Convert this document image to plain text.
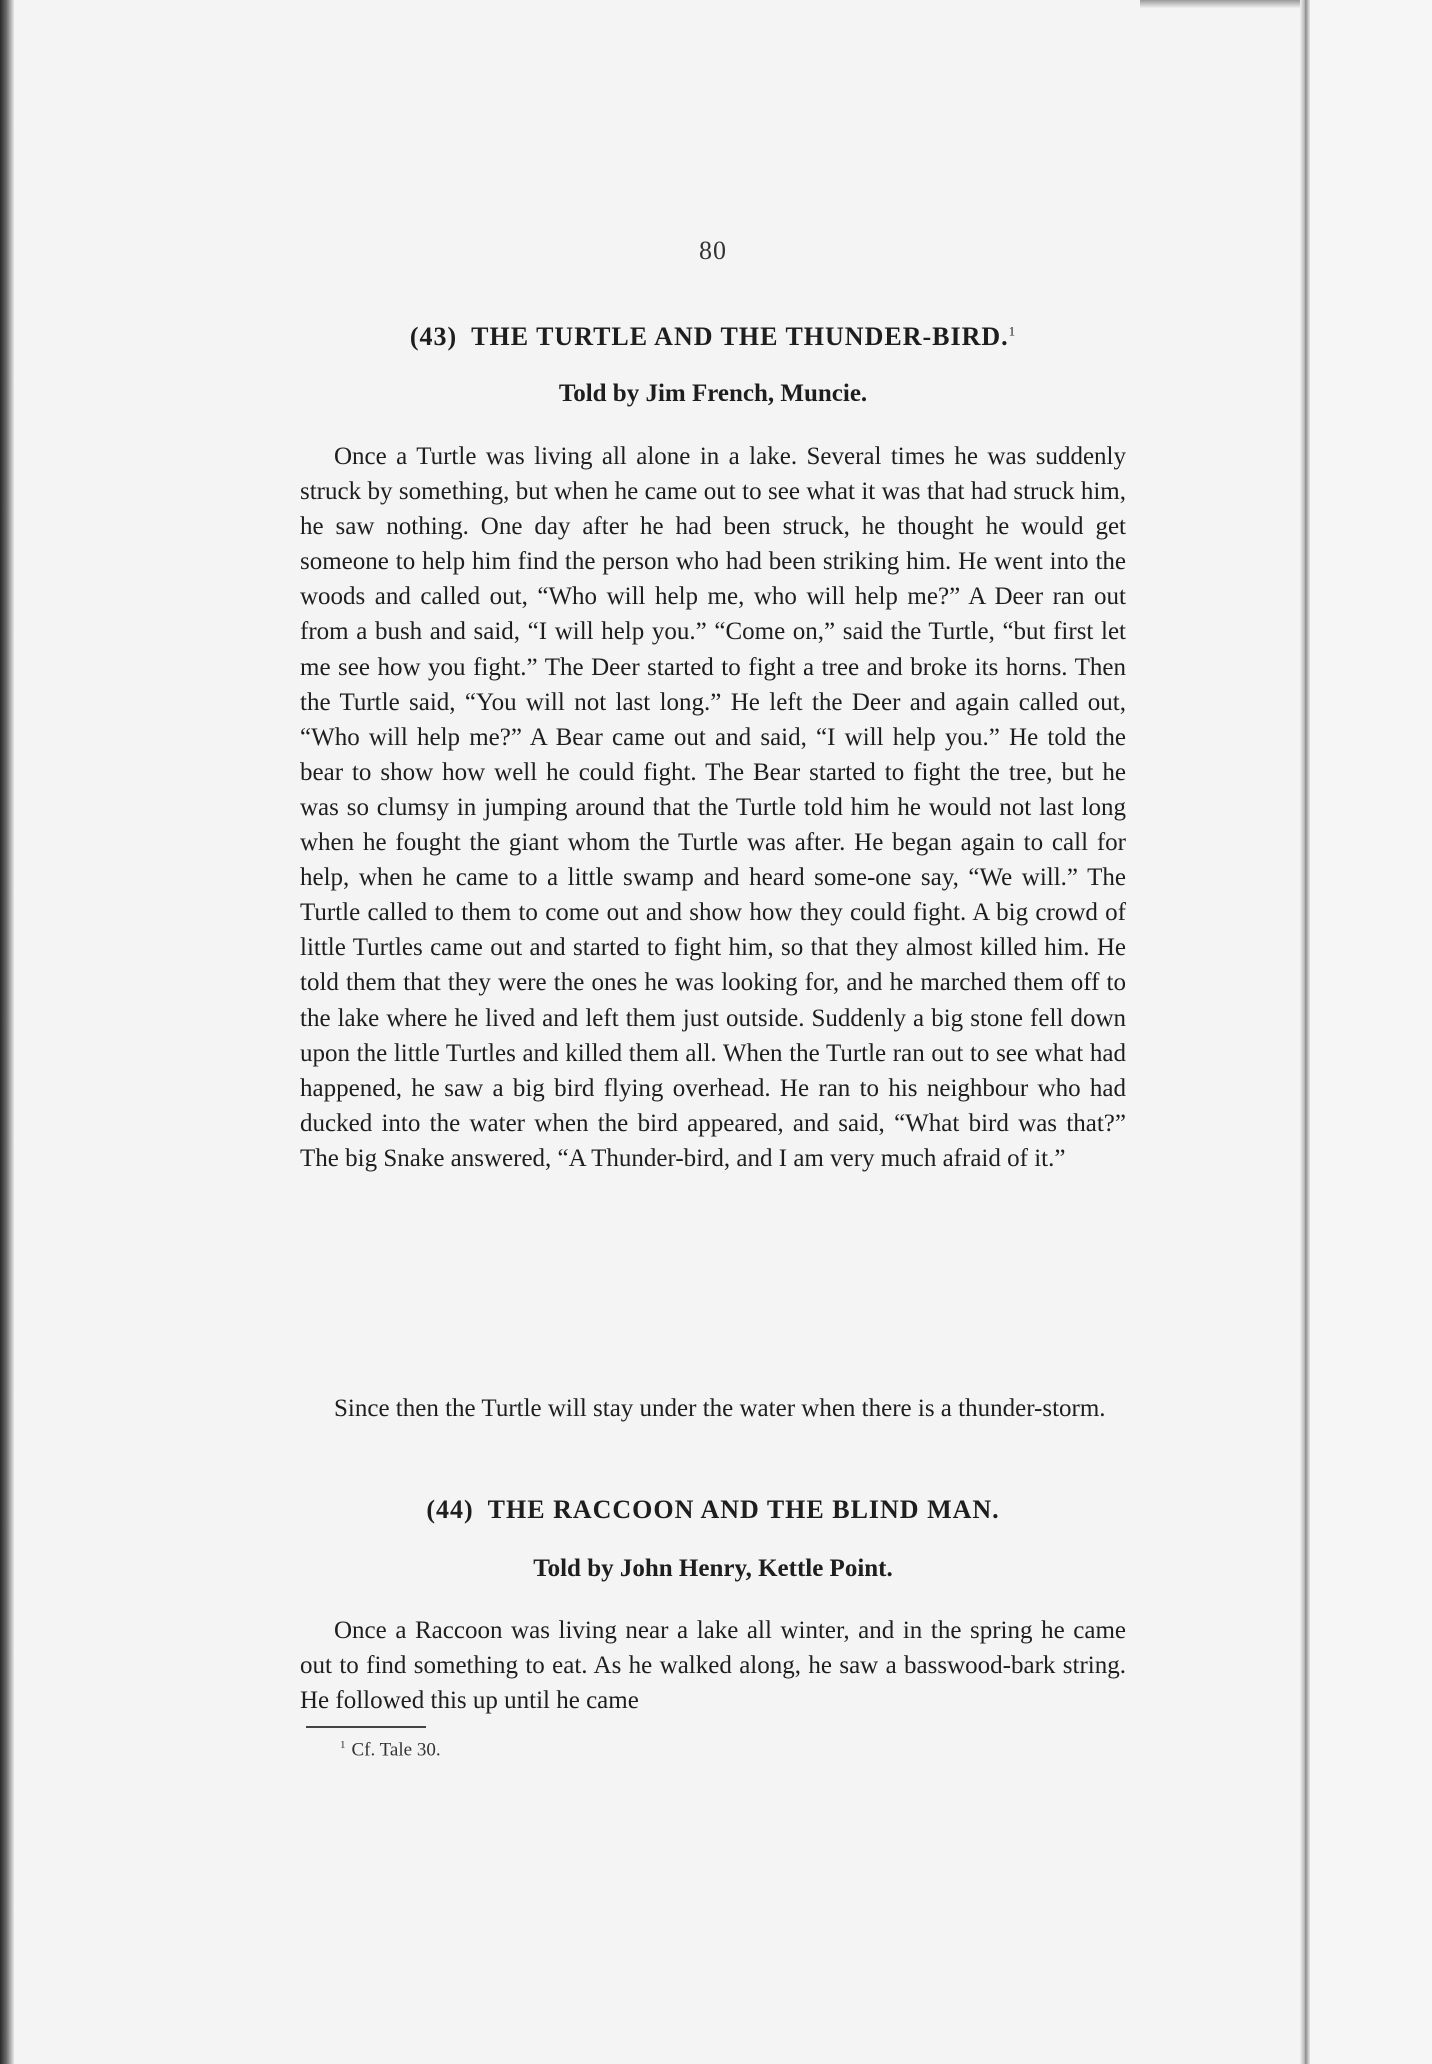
80
(43) THE TURTLE AND THE THUNDER-BIRD.$^1$
Told by Jim French, Muncie.

Once a Turtle was living all alone in a lake. Several times he was suddenly struck by something, but when he came out to see what it was that had struck him, he saw nothing. One day after he had been struck, he thought he would get someone to help him find the person who had been striking him. He went into the woods and called out, “Who will help me, who will help me?” A Deer ran out from a bush and said, “I will help you.” “Come on,” said the Turtle, “but first let me see how you fight.” The Deer started to fight a tree and broke its horns. Then the Turtle said, “You will not last long.” He left the Deer and again called out, “Who will help me?” A Bear came out and said, “I will help you.” He told the bear to show how well he could fight. The Bear started to fight the tree, but he was so clumsy in jumping around that the Turtle told him he would not last long when he fought the giant whom the Turtle was after. He began again to call for help, when he came to a little swamp and heard some-one say, “We will.” The Turtle called to them to come out and show how they could fight. A big crowd of little Turtles came out and started to fight him, so that they almost killed him. He told them that they were the ones he was looking for, and he marched them off to the lake where he lived and left them just outside. Suddenly a big stone fell down upon the little Turtles and killed them all. When the Turtle ran out to see what had happened, he saw a big bird flying overhead. He ran to his neighbour who had ducked into the water when the bird appeared, and said, “What bird was that?” The big Snake answered, “A Thunder-bird, and I am very much afraid of it.”

Since then the Turtle will stay under the water when there is a thunder-storm.

(44) THE RACCOON AND THE BLIND MAN.
Told by John Henry, Kettle Point.

Once a Raccoon was living near a lake all winter, and in the spring he came out to find something to eat. As he walked along, he saw a basswood-bark string. He followed this up until he came

$^1$ Cf. Tale 30.
